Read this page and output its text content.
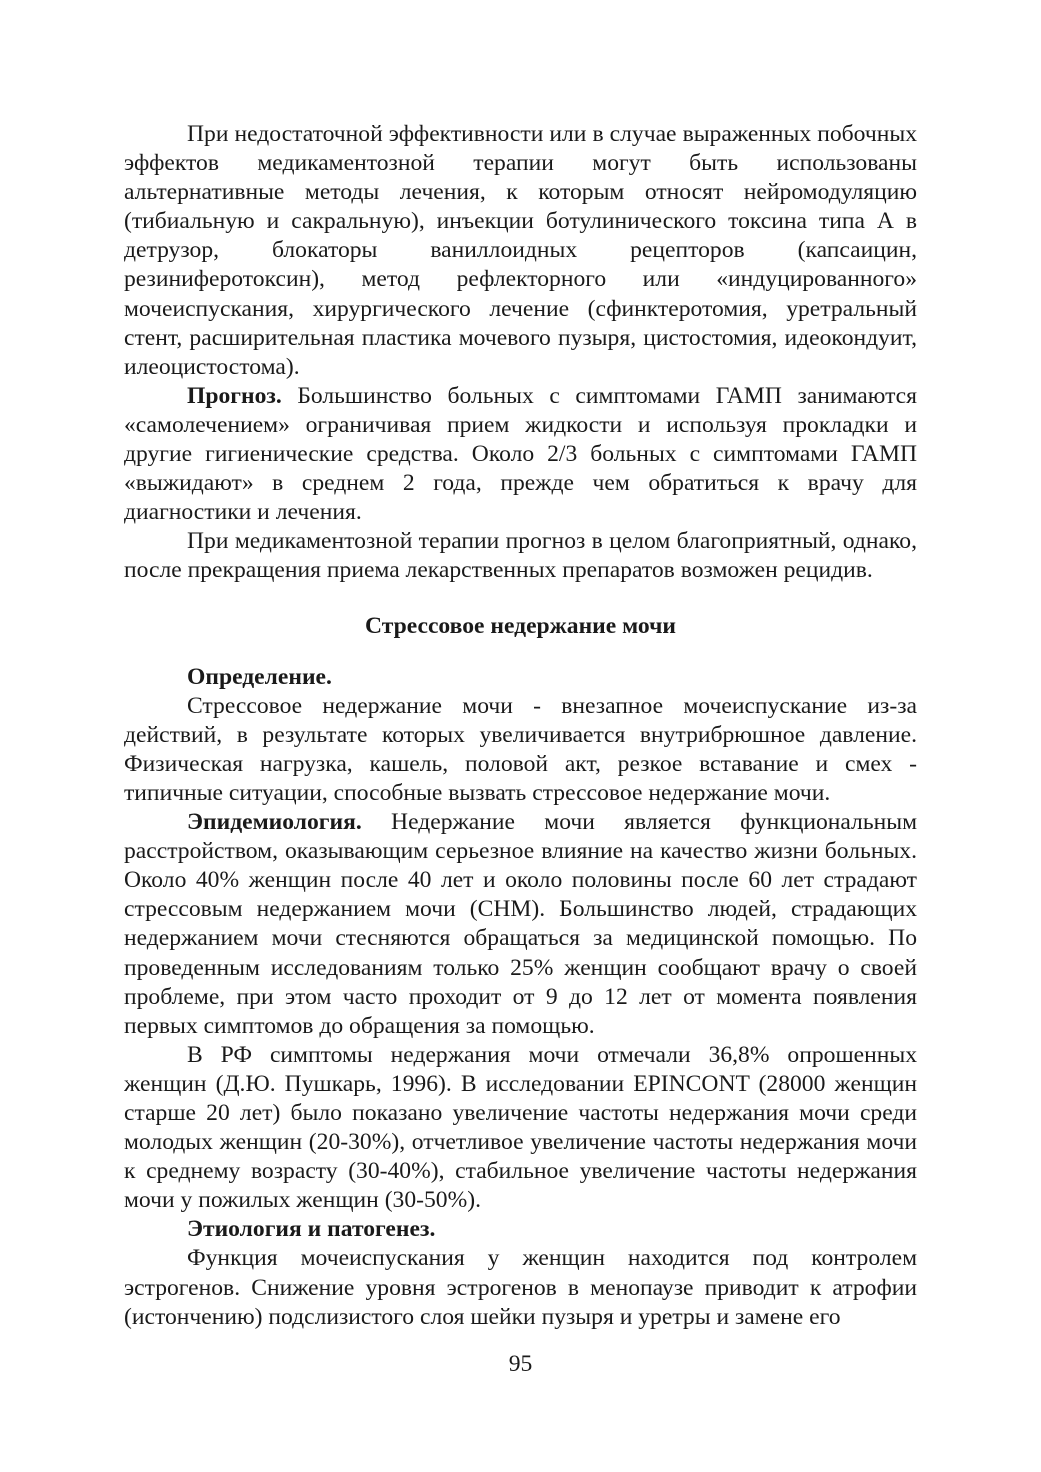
При недостаточной эффективности или в случае выраженных побочных эффектов медикаментозной терапии могут быть использованы альтернативные методы лечения, к которым относят нейромодуляцию (тибиальную и сакральную), инъекции ботулинического токсина типа А в детрузор, блокаторы ваниллоидных рецепторов (капсаицин, резиниферотоксин), метод рефлекторного или «индуцированного» мочеиспускания, хирургического лечение (сфинктеротомия, уретральный стент, расширительная пластика мочевого пузыря, цистостомия, идеокондуит, илеоцистостома).

Прогноз. Большинство больных с симптомами ГАМП занимаются «самолечением» ограничивая прием жидкости и используя прокладки и другие гигиенические средства. Около 2/3 больных с симптомами ГАМП «выжидают» в среднем 2 года, прежде чем обратиться к врачу для диагностики и лечения.

При медикаментозной терапии прогноз в целом благоприятный, однако, после прекращения приема лекарственных препаратов возможен рецидив.

Стрессовое недержание мочи

Определение.

Стрессовое недержание мочи - внезапное мочеиспускание из-за действий, в результате которых увеличивается внутрибрюшное давление. Физическая нагрузка, кашель, половой акт, резкое вставание и смех - типичные ситуации, способные вызвать стрессовое недержание мочи.

Эпидемиология. Недержание мочи является функциональным расстройством, оказывающим серьезное влияние на качество жизни больных. Около 40% женщин после 40 лет и около половины после 60 лет страдают стрессовым недержанием мочи (СНМ). Большинство людей, страдающих недержанием мочи стесняются обращаться за медицинской помощью. По проведенным исследованиям только 25% женщин сообщают врачу о своей проблеме, при этом часто проходит от 9 до 12 лет от момента появления первых симптомов до обращения за помощью.

В РФ симптомы недержания мочи отмечали 36,8% опрошенных женщин (Д.Ю. Пушкарь, 1996). В исследовании EPINCONT (28000 женщин старше 20 лет) было показано увеличение частоты недержания мочи среди молодых женщин (20-30%), отчетливое увеличение частоты недержания мочи к среднему возрасту (30-40%), стабильное увеличение частоты недержания мочи у пожилых женщин (30-50%).

Этиология и патогенез.

Функция мочеиспускания у женщин находится под контролем эстрогенов. Снижение уровня эстрогенов в менопаузе приводит к атрофии (истончению) подслизистого слоя шейки пузыря и уретры и замене его

95
